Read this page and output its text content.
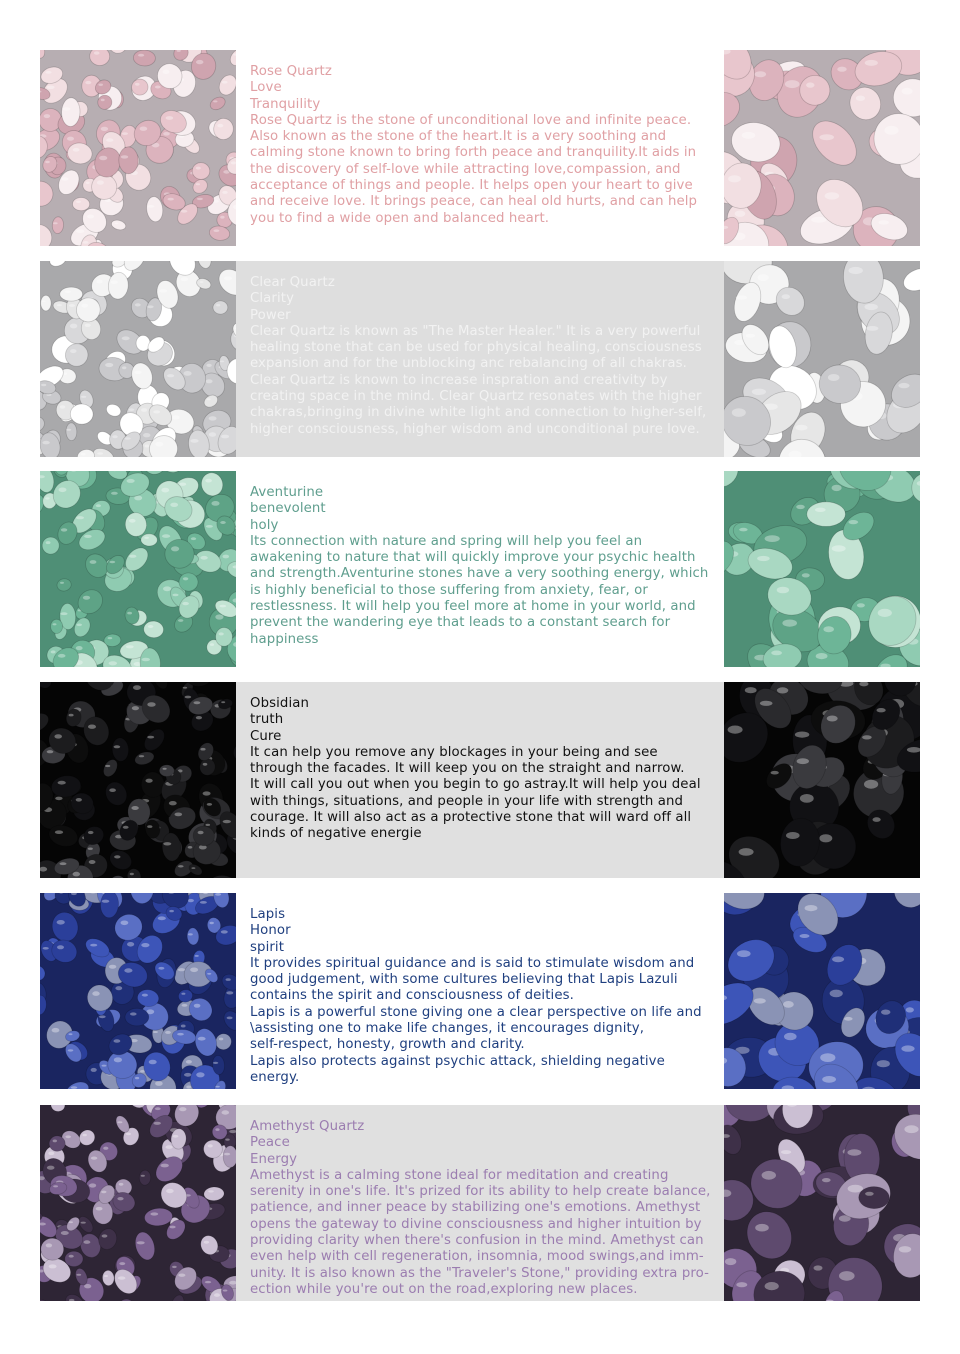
Rose Quartz
Love
Tranquility
Rose Quartz is the stone of unconditional love and infinite peace.
Also known as the stone of the heart.It is a very soothing and
calming stone known to bring forth peace and tranquility.It aids in
the discovery of self-love while attracting love,compassion, and
acceptance of things and people. It helps open your heart to give
and receive love. It brings peace, can heal old hurts, and can help
you to find a wide open and balanced heart.
Clear Quartz
Clarity
Power
Clear Quartz is known as "The Master Healer." It is a very powerful
healing stone that can be used for physical healing, consciousness
expansion and for the unblocking anc rebalancing of all chakras.
Clear Quartz is known to increase inspration and creativity by
creating space in the mind. Clear Quartz resonates with the higher
chakras,bringing in divine white light and connection to higher-self,
higher consciousness, higher wisdom and unconditional pure love.
Aventurine
benevolent
holy
Its connection with nature and spring will help you feel an
awakening to nature that will quickly improve your psychic health
and strength.Aventurine stones have a very soothing energy, which
is highly beneficial to those suffering from anxiety, fear, or
restlessness. It will help you feel more at home in your world, and
prevent the wandering eye that leads to a constant search for
happiness
Obsidian
truth
Cure
It can help you remove any blockages in your being and see
through the facades. It will keep you on the straight and narrow.
It will call you out when you begin to go astray.It will help you deal
with things, situations, and people in your life with strength and
courage. It will also act as a protective stone that will ward off all
kinds of negative energie
Lapis
Honor
spirit
It provides spiritual guidance and is said to stimulate wisdom and
good judgement, with some cultures believing that Lapis Lazuli
contains the spirit and consciousness of deities.
Lapis is a powerful stone giving one a clear perspective on life and
\assisting one to make life changes, it encourages dignity,
self-respect, honesty, growth and clarity.
Lapis also protects against psychic attack, shielding negative
energy.
Amethyst Quartz
Peace
Energy
Amethyst is a calming stone ideal for meditation and creating
serenity in one's life. It's prized for its ability to help create balance,
patience, and inner peace by stabilizing one's emotions. Amethyst
opens the gateway to divine consciousness and higher intuition by
providing clarity when there's confusion in the mind. Amethyst can
even help with cell regeneration, insomnia, mood swings,and imm-
unity. It is also known as the "Traveler's Stone," providing extra pro-
ection while you're out on the road,exploring new places.
